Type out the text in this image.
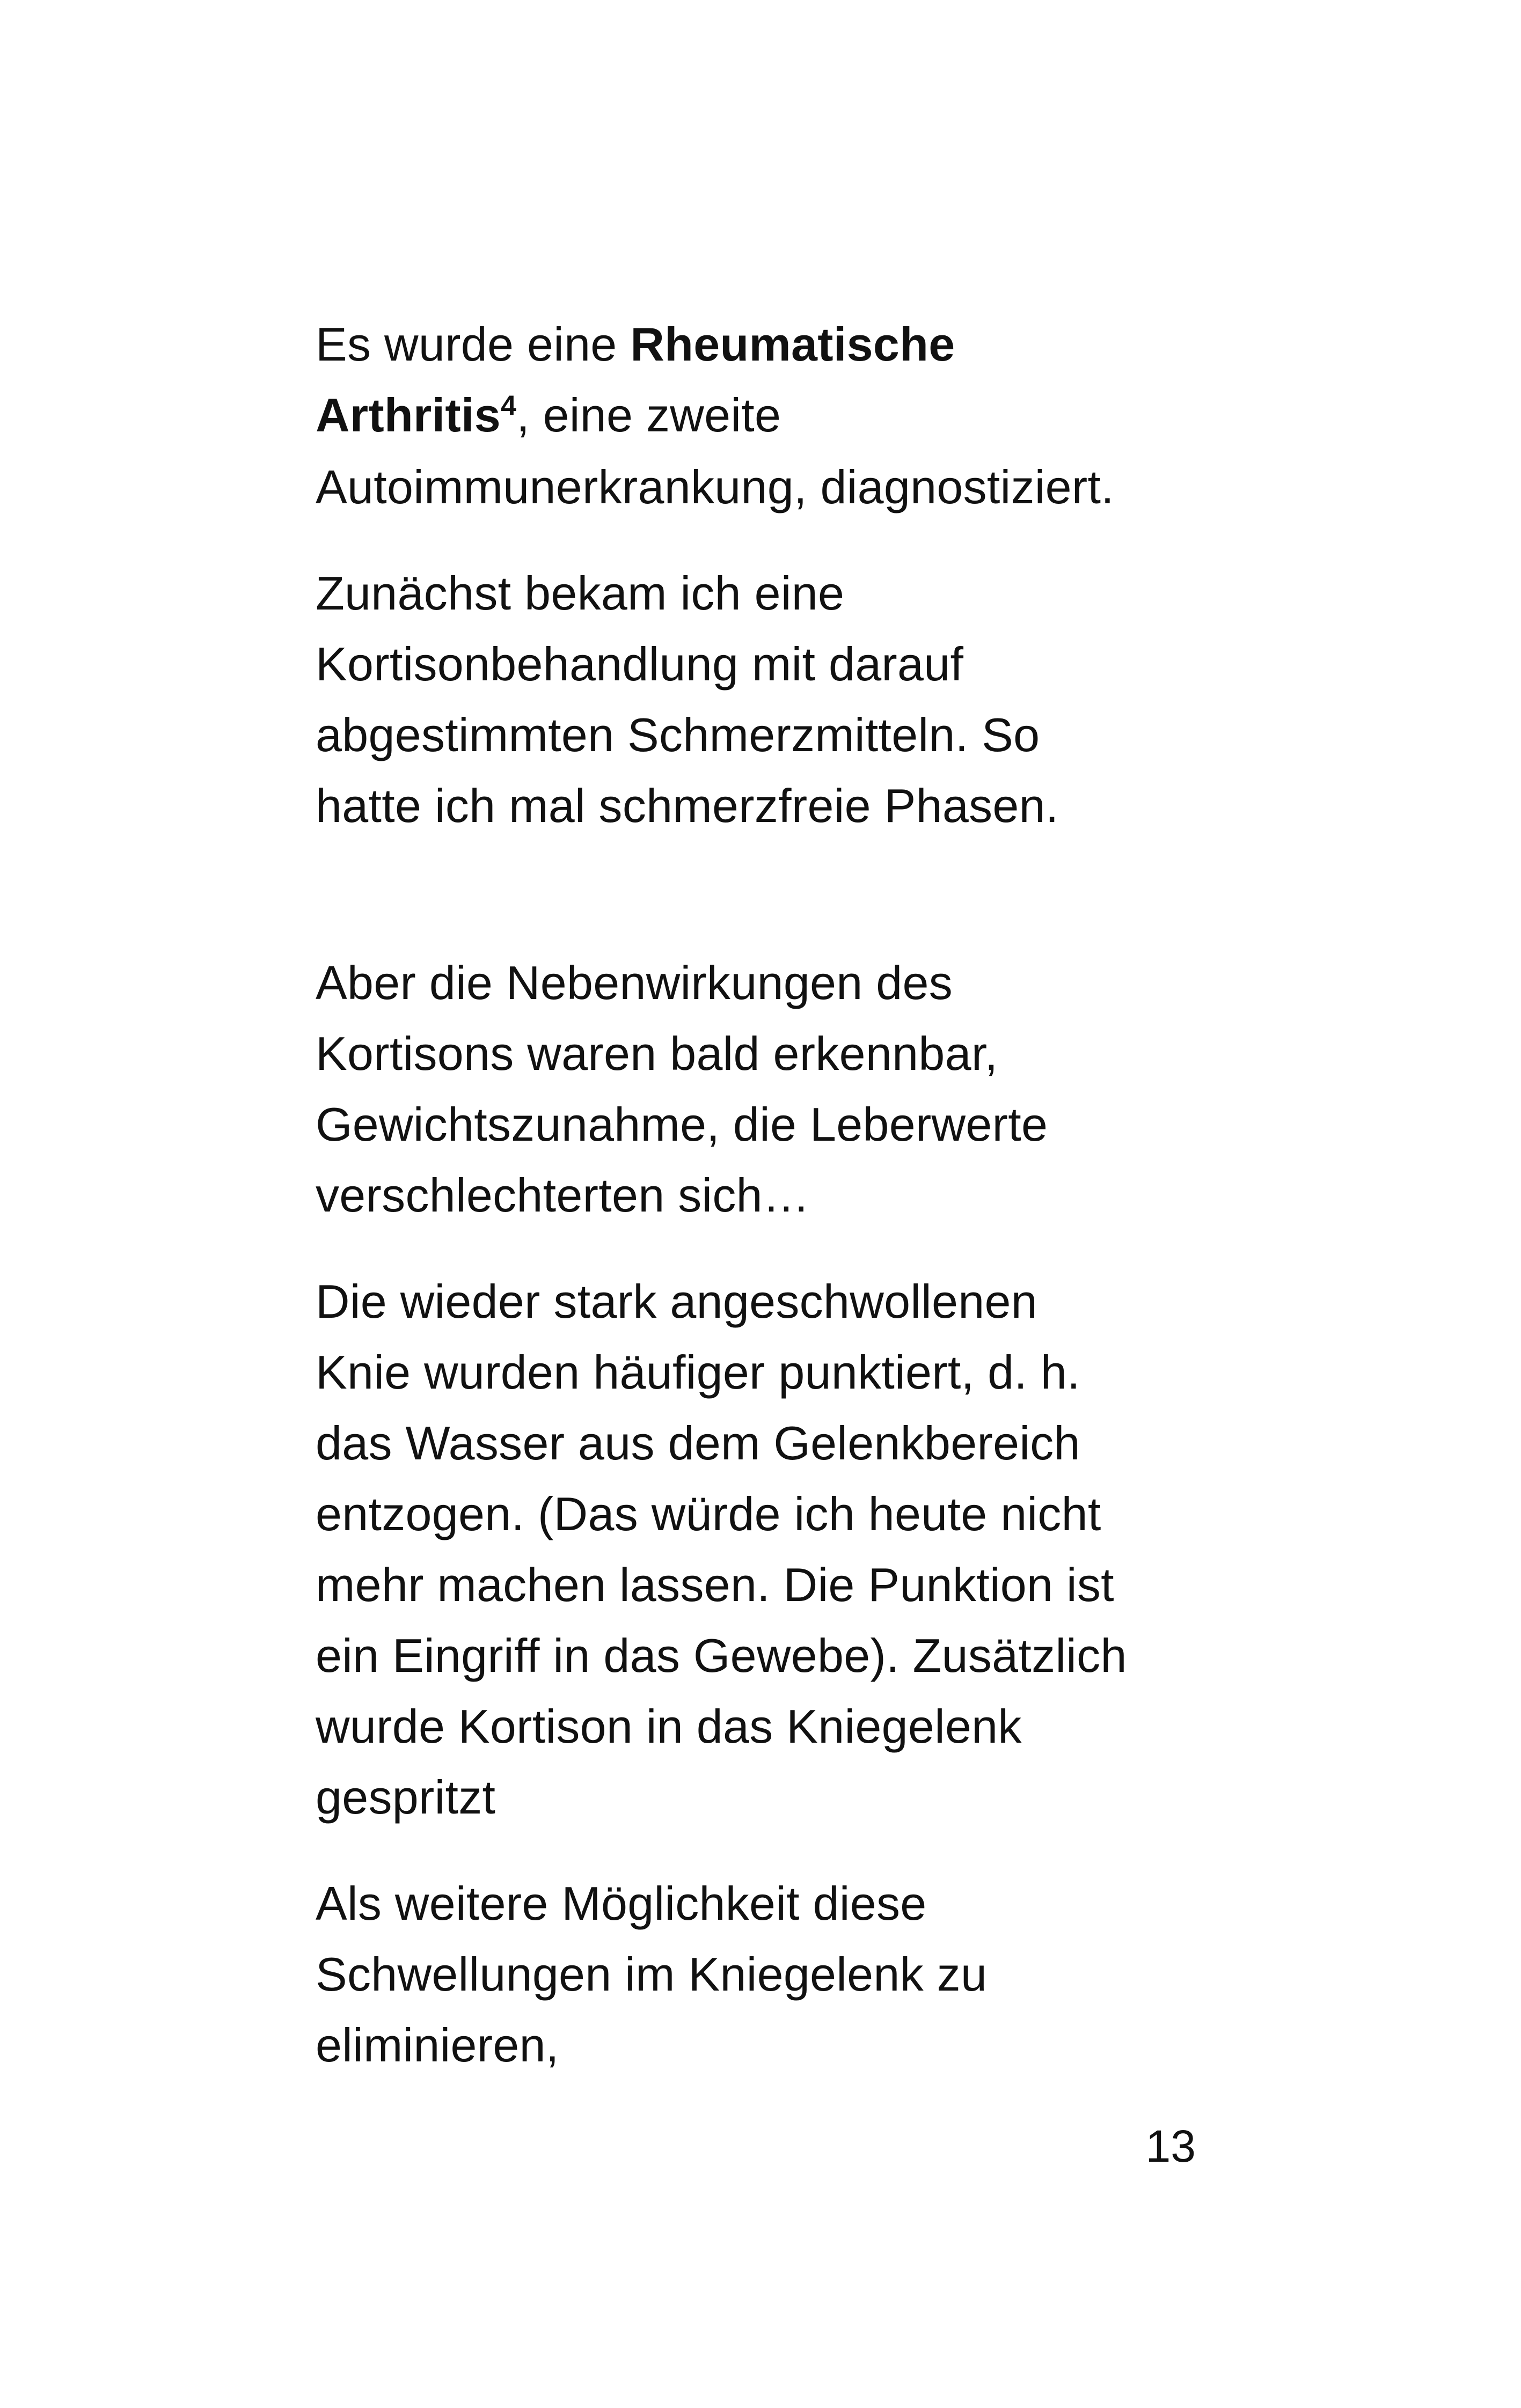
Es wurde eine Rheumatische
Arthritis$^4$, eine zweite
Autoimmunerkrankung, diagnostiziert.
Zunächst bekam ich eine
Kortisonbehandlung mit darauf
abgestimmten Schmerzmitteln. So
hatte ich mal schmerzfreie Phasen.
Aber die Nebenwirkungen des
Kortisons waren bald erkennbar,
Gewichtszunahme, die Leberwerte
verschlechterten sich…
Die wieder stark angeschwollenen
Knie wurden häufiger punktiert, d. h.
das Wasser aus dem Gelenkbereich
entzogen. (Das würde ich heute nicht
mehr machen lassen. Die Punktion ist
ein Eingriff in das Gewebe). Zusätzlich
wurde Kortison in das Kniegelenk
gespritzt
Als weitere Möglichkeit diese
Schwellungen im Kniegelenk zu
eliminieren,
13
